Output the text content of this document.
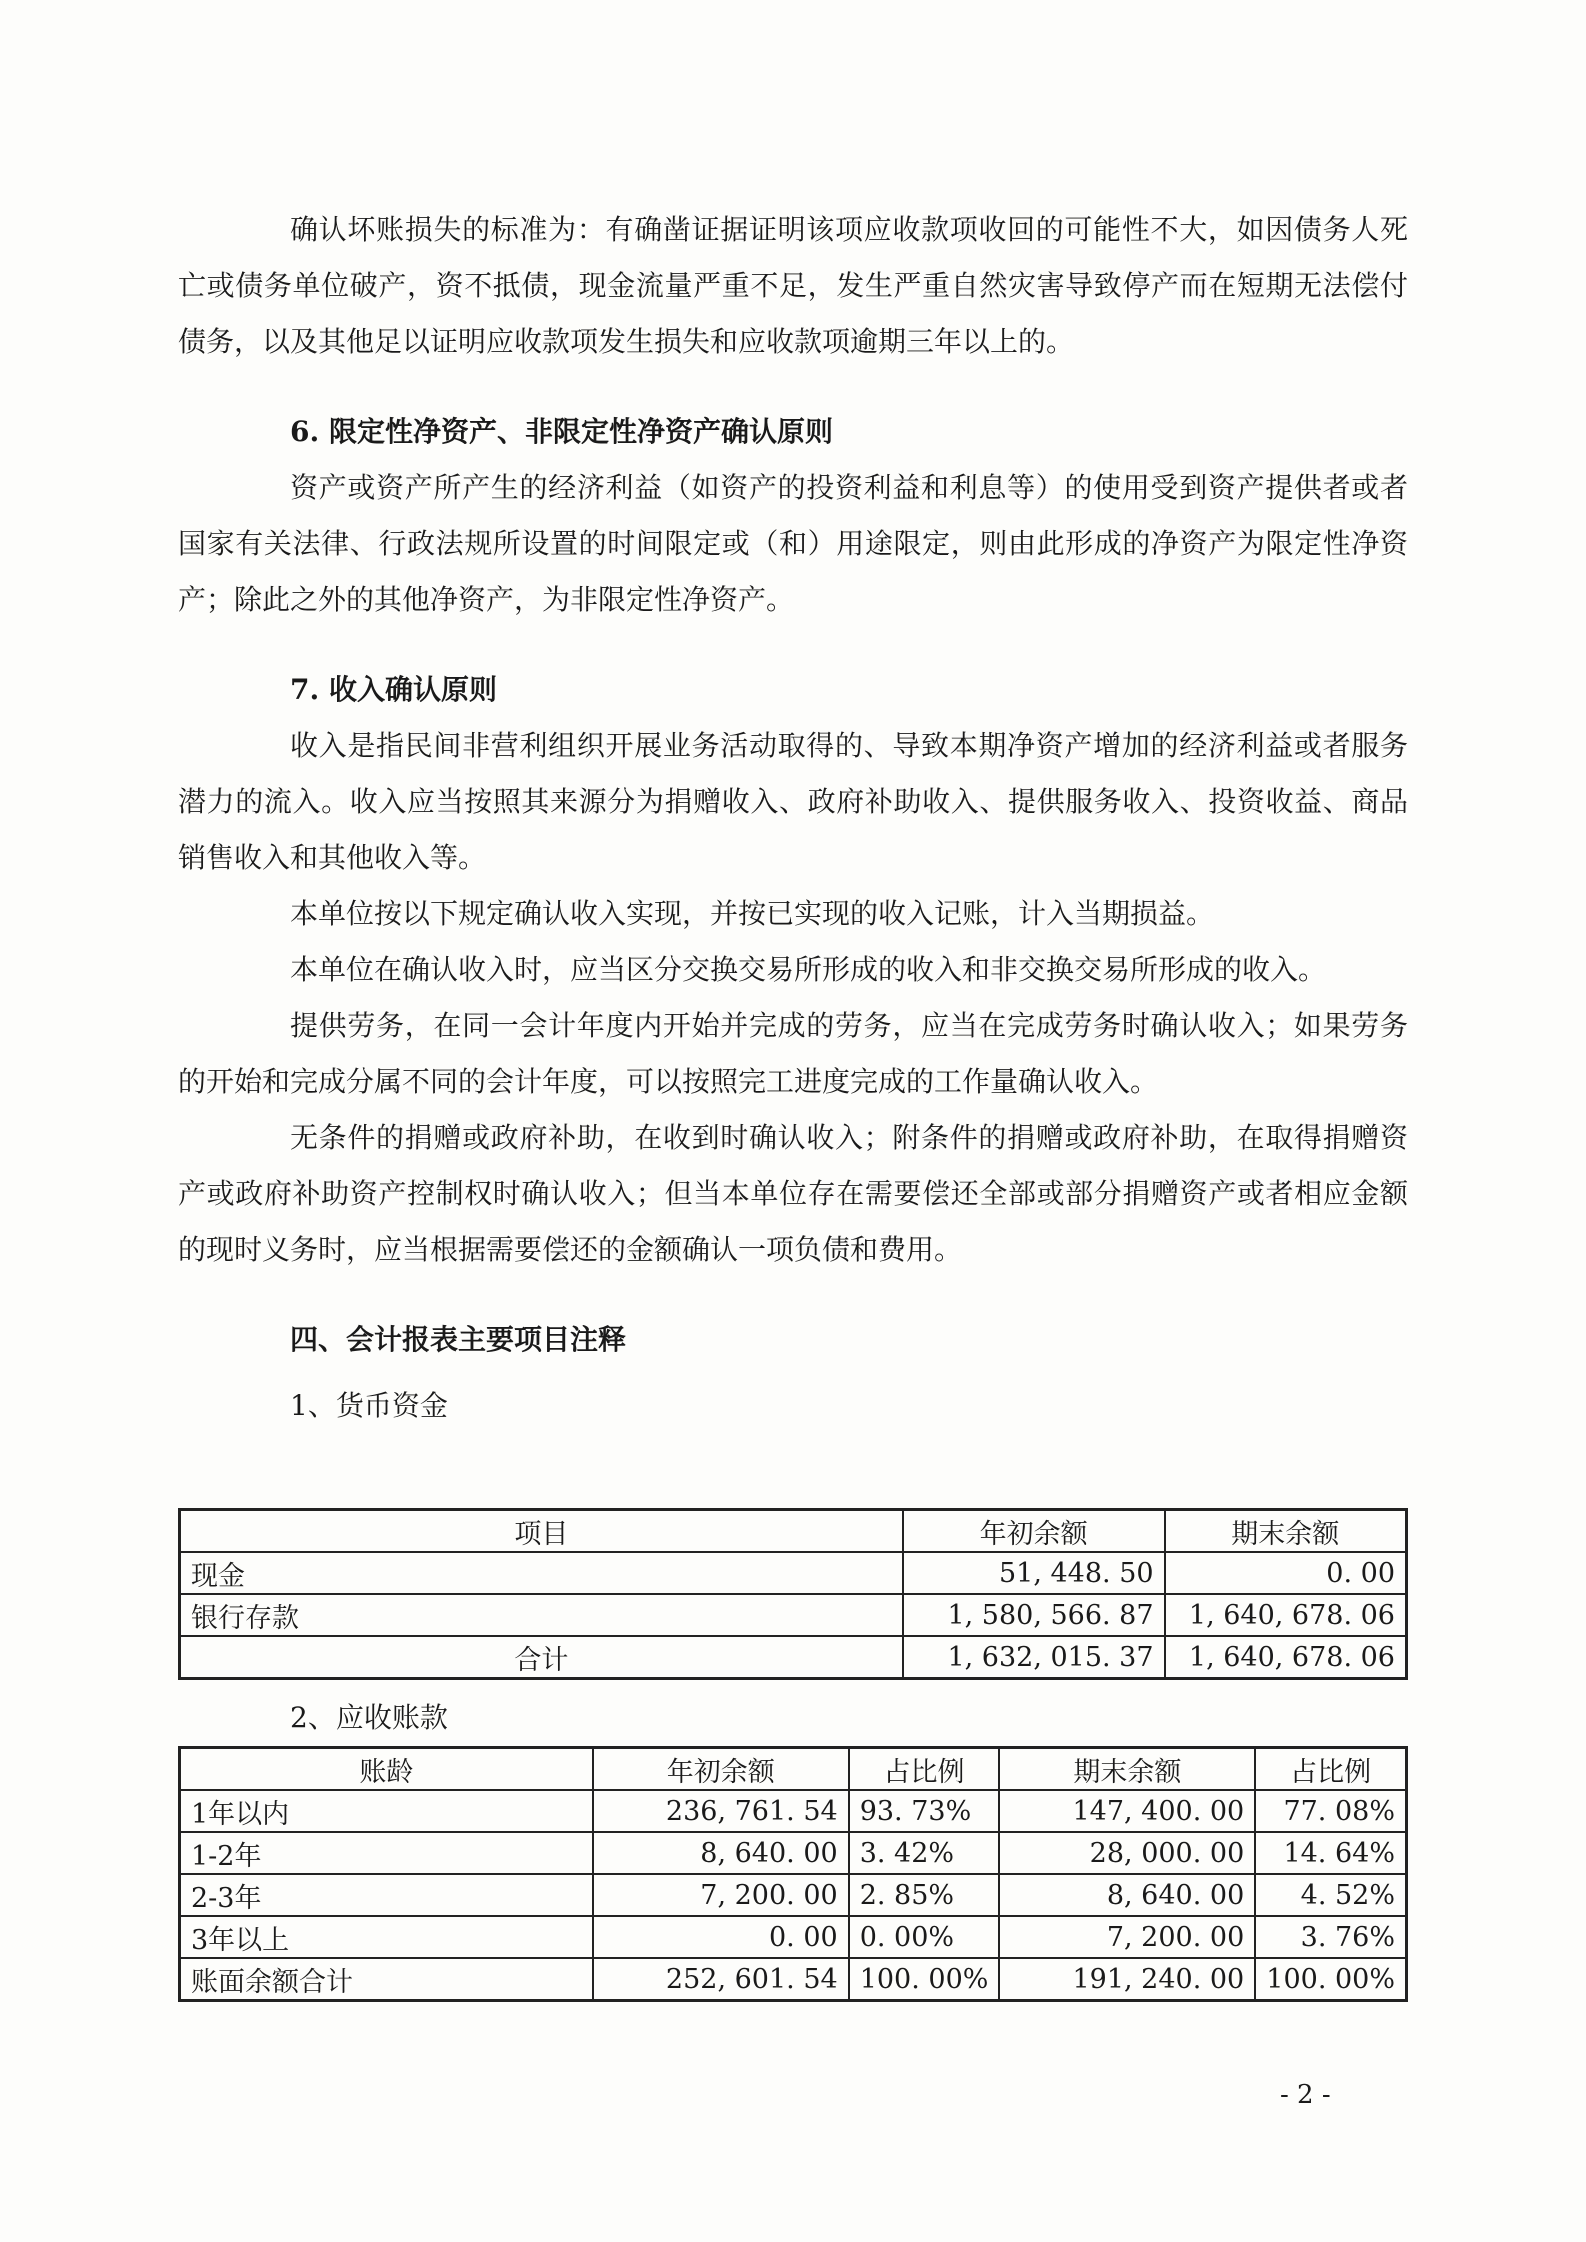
确认坏账损失的标准为：有确凿证据证明该项应收款项收回的可能性不大，如因债务人死亡或债务单位破产，资不抵债，现金流量严重不足，发生严重自然灾害导致停产而在短期无法偿付债务，以及其他足以证明应收款项发生损失和应收款项逾期三年以上的。

6. 限定性净资产、非限定性净资产确认原则

资产或资产所产生的经济利益（如资产的投资利益和利息等）的使用受到资产提供者或者国家有关法律、行政法规所设置的时间限定或（和）用途限定，则由此形成的净资产为限定性净资产；除此之外的其他净资产，为非限定性净资产。

7. 收入确认原则

收入是指民间非营利组织开展业务活动取得的、导致本期净资产增加的经济利益或者服务潜力的流入。收入应当按照其来源分为捐赠收入、政府补助收入、提供服务收入、投资收益、商品销售收入和其他收入等。

本单位按以下规定确认收入实现，并按已实现的收入记账，计入当期损益。

本单位在确认收入时，应当区分交换交易所形成的收入和非交换交易所形成的收入。

提供劳务，在同一会计年度内开始并完成的劳务，应当在完成劳务时确认收入；如果劳务的开始和完成分属不同的会计年度，可以按照完工进度完成的工作量确认收入。

无条件的捐赠或政府补助，在收到时确认收入；附条件的捐赠或政府补助，在取得捐赠资产或政府补助资产控制权时确认收入；但当本单位存在需要偿还全部或部分捐赠资产或者相应金额的现时义务时，应当根据需要偿还的金额确认一项负债和费用。

四、会计报表主要项目注释

1、货币资金

项目	年初余额	期末余额
现金	51, 448. 50	0. 00
银行存款	1, 580, 566. 87	1, 640, 678. 06
合计	1, 632, 015. 37	1, 640, 678. 06

2、应收账款

账龄	年初余额	占比例	期末余额	占比例
1年以内	236, 761. 54	93. 73%	147, 400. 00	77. 08%
1-2年	8, 640. 00	3. 42%	28, 000. 00	14. 64%
2-3年	7, 200. 00	2. 85%	8, 640. 00	4. 52%
3年以上	0. 00	0. 00%	7, 200. 00	3. 76%
账面余额合计	252, 601. 54	100. 00%	191, 240. 00	100. 00%
- 2 -
